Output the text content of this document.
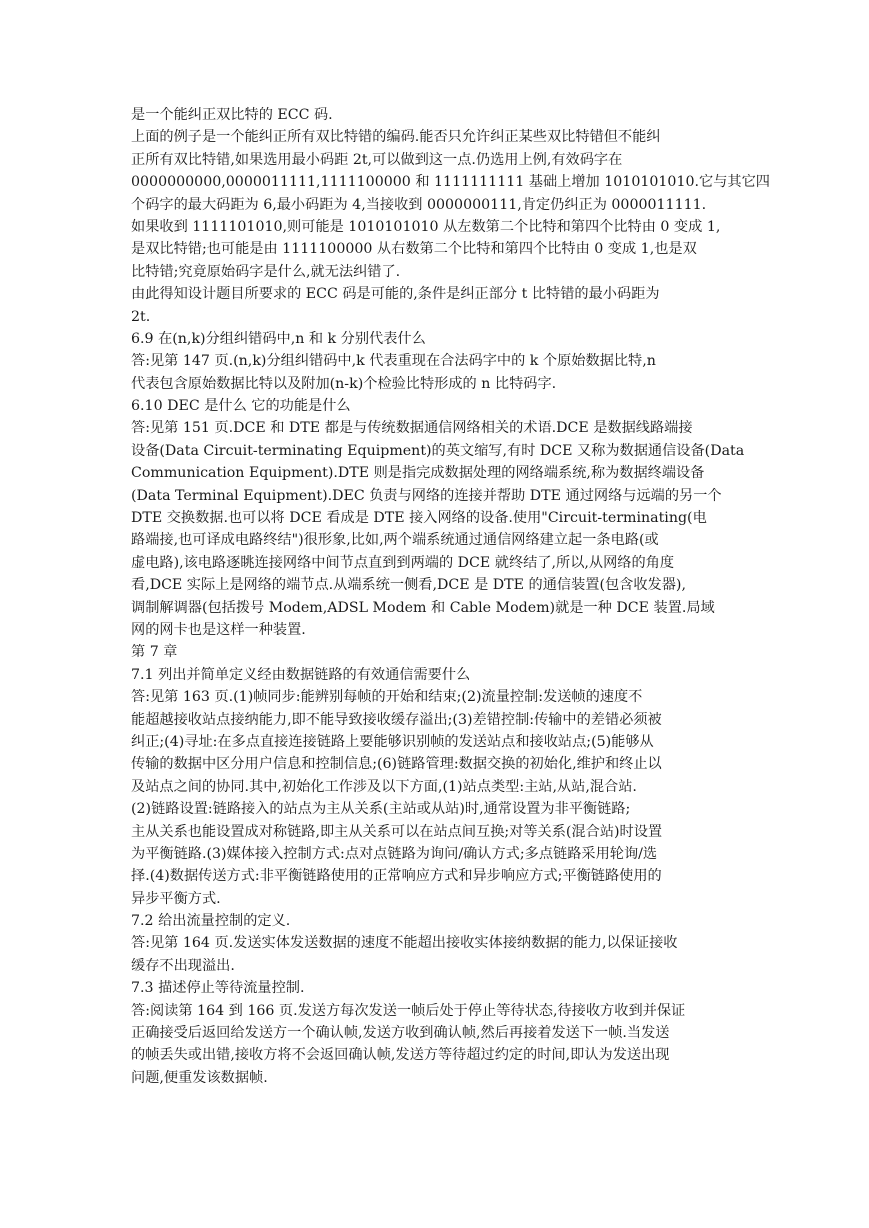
是一个能纠正双比特的 ECC 码.
上面的例子是一个能纠正所有双比特错的编码.能否只允许纠正某些双比特错但不能纠
正所有双比特错,如果选用最小码距 2t,可以做到这一点.仍选用上例,有效码字在
0000000000,0000011111,1111100000 和 1111111111 基础上增加 1010101010.它与其它四
个码字的最大码距为 6,最小码距为 4,当接收到 0000000111,肯定仍纠正为 0000011111.
如果收到 1111101010,则可能是 1010101010 从左数第二个比特和第四个比特由 0 变成 1,
是双比特错;也可能是由 1111100000 从右数第二个比特和第四个比特由 0 变成 1,也是双
比特错;究竟原始码字是什么,就无法纠错了.
由此得知设计题目所要求的 ECC 码是可能的,条件是纠正部分 t 比特错的最小码距为
2t.
6.9 在(n,k)分组纠错码中,n 和 k 分别代表什么
答:见第 147 页.(n,k)分组纠错码中,k 代表重现在合法码字中的 k 个原始数据比特,n
代表包含原始数据比特以及附加(n-k)个检验比特形成的 n 比特码字.
6.10 DEC 是什么 它的功能是什么
答:见第 151 页.DCE 和 DTE 都是与传统数据通信网络相关的术语.DCE 是数据线路端接
设备(Data Circuit-terminating Equipment)的英文缩写,有时 DCE 又称为数据通信设备(Data
Communication Equipment).DTE 则是指完成数据处理的网络端系统,称为数据终端设备
(Data Terminal Equipment).DEC 负责与网络的连接并帮助 DTE 通过网络与远端的另一个
DTE 交换数据.也可以将 DCE 看成是 DTE 接入网络的设备.使用"Circuit-terminating(电
路端接,也可译成电路终结")很形象,比如,两个端系统通过通信网络建立起一条电路(或
虚电路),该电路逐眺连接网络中间节点直到到两端的 DCE 就终结了,所以,从网络的角度
看,DCE 实际上是网络的端节点.从端系统一侧看,DCE 是 DTE 的通信装置(包含收发器),
调制解调器(包括拨号 Modem,ADSL Modem 和 Cable Modem)就是一种 DCE 装置.局域
网的网卡也是这样一种装置.
第 7 章
7.1 列出并简单定义经由数据链路的有效通信需要什么
答:见第 163 页.(1)帧同步:能辨别每帧的开始和结束;(2)流量控制:发送帧的速度不
能超越接收站点接纳能力,即不能导致接收缓存溢出;(3)差错控制:传输中的差错必须被
纠正;(4)寻址:在多点直接连接链路上要能够识别帧的发送站点和接收站点;(5)能够从
传输的数据中区分用户信息和控制信息;(6)链路管理:数据交换的初始化,维护和终止以
及站点之间的协同.其中,初始化工作涉及以下方面,(1)站点类型:主站,从站,混合站.
(2)链路设置:链路接入的站点为主从关系(主站或从站)时,通常设置为非平衡链路;
主从关系也能设置成对称链路,即主从关系可以在站点间互换;对等关系(混合站)时设置
为平衡链路.(3)媒体接入控制方式:点对点链路为询问/确认方式;多点链路采用轮询/选
择.(4)数据传送方式:非平衡链路使用的正常响应方式和异步响应方式;平衡链路使用的
异步平衡方式.
7.2 给出流量控制的定义.
答:见第 164 页.发送实体发送数据的速度不能超出接收实体接纳数据的能力,以保证接收
缓存不出现溢出.
7.3 描述停止等待流量控制.
答:阅读第 164 到 166 页.发送方每次发送一帧后处于停止等待状态,待接收方收到并保证
正确接受后返回给发送方一个确认帧,发送方收到确认帧,然后再接着发送下一帧.当发送
的帧丢失或出错,接收方将不会返回确认帧,发送方等待超过约定的时间,即认为发送出现
问题,便重发该数据帧.
